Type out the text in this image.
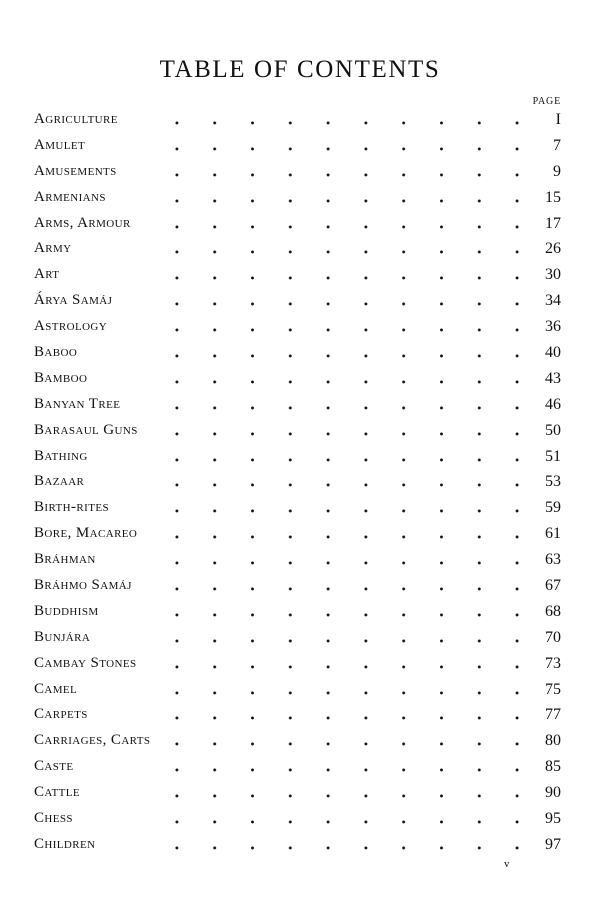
TABLE OF CONTENTS
PAGE
Agriculture	I
Amulet	7
Amusements	9
Armenians	15
Arms, Armour	17
Army	26
Art	30
Árya Samáj	34
Astrology	36
Baboo	40
Bamboo	43
Banyan Tree	46
Barasaul Guns	50
Bathing	51
Bazaar	53
Birth-rites	59
Bore, Macareo	61
Bráhman	63
Bráhmo Samáj	67
Buddhism	68
Bunjára	70
Cambay Stones	73
Camel	75
Carpets	77
Carriages, Carts	80
Caste	85
Cattle	90
Chess	95
Children	97
v
